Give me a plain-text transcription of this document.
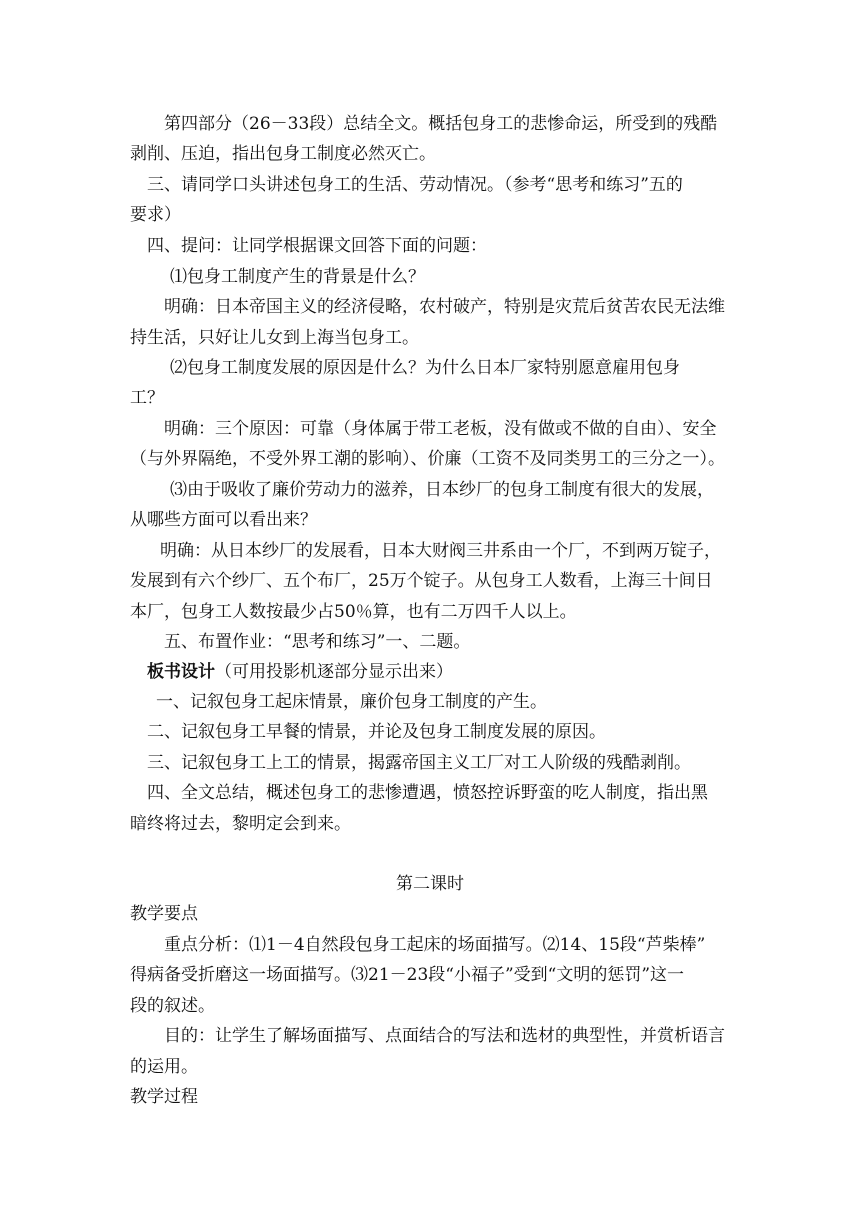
第四部分（26－33段）总结全文。概括包身工的悲惨命运，所受到的残酷
剥削、压迫，指出包身工制度必然灭亡。
三、请同学口头讲述包身工的生活、劳动情况。（参考“思考和练习”五的
要求）
四、提问：让同学根据课文回答下面的问题：
⑴包身工制度产生的背景是什么？
明确：日本帝国主义的经济侵略，农村破产，特别是灾荒后贫苦农民无法维
持生活，只好让儿女到上海当包身工。
⑵包身工制度发展的原因是什么？为什么日本厂家特别愿意雇用包身
工？
明确：三个原因：可靠（身体属于带工老板，没有做或不做的自由）、安全
（与外界隔绝，不受外界工潮的影响）、价廉（工资不及同类男工的三分之一）。
⑶由于吸收了廉价劳动力的滋养，日本纱厂的包身工制度有很大的发展，
从哪些方面可以看出来？
明确：从日本纱厂的发展看，日本大财阀三井系由一个厂，不到两万锭子，
发展到有六个纱厂、五个布厂，25万个锭子。从包身工人数看，上海三十间日
本厂，包身工人数按最少占50％算，也有二万四千人以上。
五、布置作业：“思考和练习”一、二题。
板书设计（可用投影机逐部分显示出来）
一、记叙包身工起床情景，廉价包身工制度的产生。
二、记叙包身工早餐的情景，并论及包身工制度发展的原因。
三、记叙包身工上工的情景，揭露帝国主义工厂对工人阶级的残酷剥削。
四、全文总结，概述包身工的悲惨遭遇，愤怒控诉野蛮的吃人制度，指出黑
暗终将过去，黎明定会到来。
第二课时
教学要点
重点分析：⑴1－4自然段包身工起床的场面描写。⑵14、15段“芦柴棒”
得病备受折磨这一场面描写。⑶21－23段“小福子”受到“文明的惩罚”这一
段的叙述。
目的：让学生了解场面描写、点面结合的写法和选材的典型性，并赏析语言
的运用。
教学过程
